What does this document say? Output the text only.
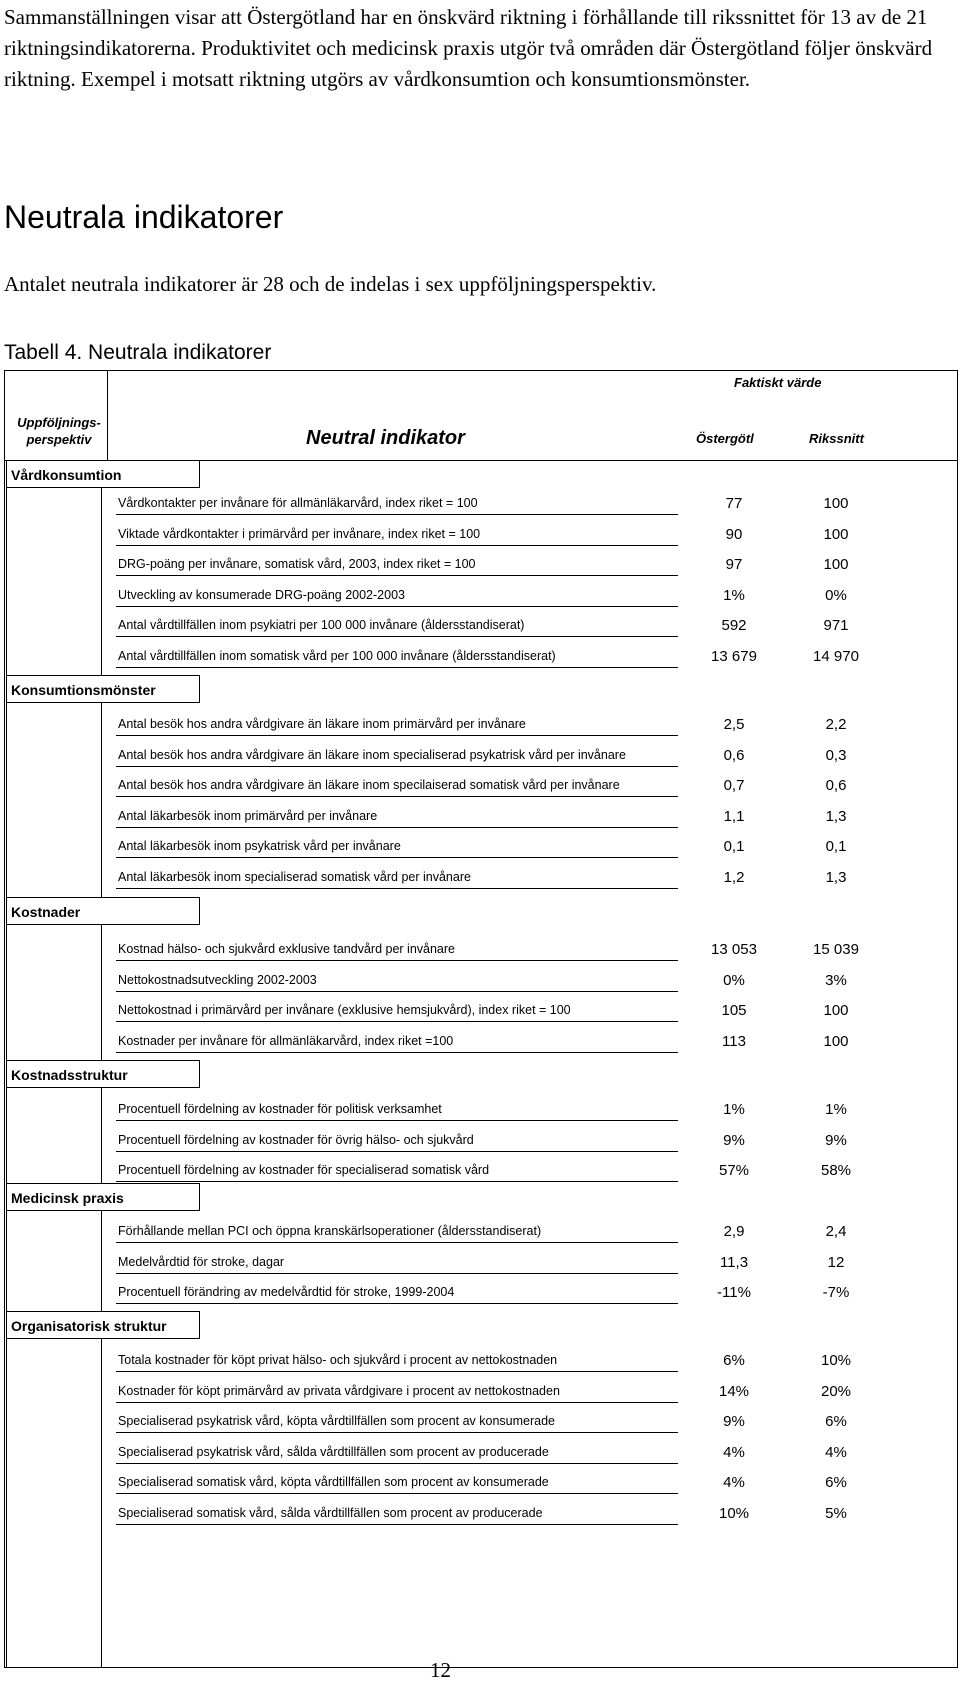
Sammanställningen visar att Östergötland har en önskvärd riktning i förhållande till rikssnittet för 13 av de 21 riktningsindikatorerna. Produktivitet och medicinsk praxis utgör två områden där Östergötland följer önskvärd riktning. Exempel i motsatt riktning utgörs av vårdkonsumtion och konsumtionsmönster.

Neutrala indikatorer

Antalet neutrala indikatorer är 28 och de indelas i sex uppföljningsperspektiv.

Tabell 4. Neutrala indikatorer

Faktiskt värde
Uppföljnings-
perspektiv	Neutral indikator	Östergötl	Rikssnitt
Vårdkonsumtion
Vårdkontakter per invånare för allmänläkarvård, index riket = 100	77	100
Viktade vårdkontakter i primärvård per invånare, index riket = 100	90	100
DRG-poäng per invånare, somatisk vård, 2003, index riket = 100	97	100
Utveckling av konsumerade DRG-poäng 2002-2003	1%	0%
Antal vårdtillfällen inom psykiatri per 100 000 invånare (åldersstandiserat)	592	971
Antal vårdtillfällen inom somatisk vård per 100 000 invånare (åldersstandiserat)	13 679	14 970
Konsumtionsmönster
Antal besök hos andra vårdgivare än läkare inom primärvård per invånare	2,5	2,2
Antal besök hos andra vårdgivare än läkare inom specialiserad psykatrisk vård per invånare	0,6	0,3
Antal besök hos andra vårdgivare än läkare inom specilaiserad somatisk vård per invånare	0,7	0,6
Antal läkarbesök inom primärvård per invånare	1,1	1,3
Antal läkarbesök inom psykatrisk vård per invånare	0,1	0,1
Antal läkarbesök inom specialiserad somatisk vård per invånare	1,2	1,3
Kostnader
Kostnad hälso- och sjukvård exklusive tandvård per invånare	13 053	15 039
Nettokostnadsutveckling 2002-2003	0%	3%
Nettokostnad i primärvård per invånare (exklusive hemsjukvård), index riket = 100	105	100
Kostnader per invånare för allmänläkarvård, index riket =100	113	100
Kostnadsstruktur
Procentuell fördelning av kostnader för politisk verksamhet	1%	1%
Procentuell fördelning av kostnader för övrig hälso- och sjukvård	9%	9%
Procentuell fördelning av kostnader för specialiserad somatisk vård	57%	58%
Medicinsk praxis
Förhållande mellan PCI och öppna kranskärlsoperationer (åldersstandiserat)	2,9	2,4
Medelvårdtid för stroke, dagar	11,3	12
Procentuell förändring av medelvårdtid för stroke, 1999-2004	-11%	-7%
Organisatorisk struktur
Totala kostnader för köpt privat hälso- och sjukvård i procent av nettokostnaden	6%	10%
Kostnader för köpt primärvård av privata vårdgivare i procent av nettokostnaden	14%	20%
Specialiserad psykatrisk vård, köpta vårdtillfällen som procent av konsumerade	9%	6%
Specialiserad psykatrisk vård, sålda vårdtillfällen som procent av producerade	4%	4%
Specialiserad somatisk vård, köpta vårdtillfällen som procent av konsumerade	4%	6%
Specialiserad somatisk vård, sålda vårdtillfällen som procent av producerade	10%	5%

12
